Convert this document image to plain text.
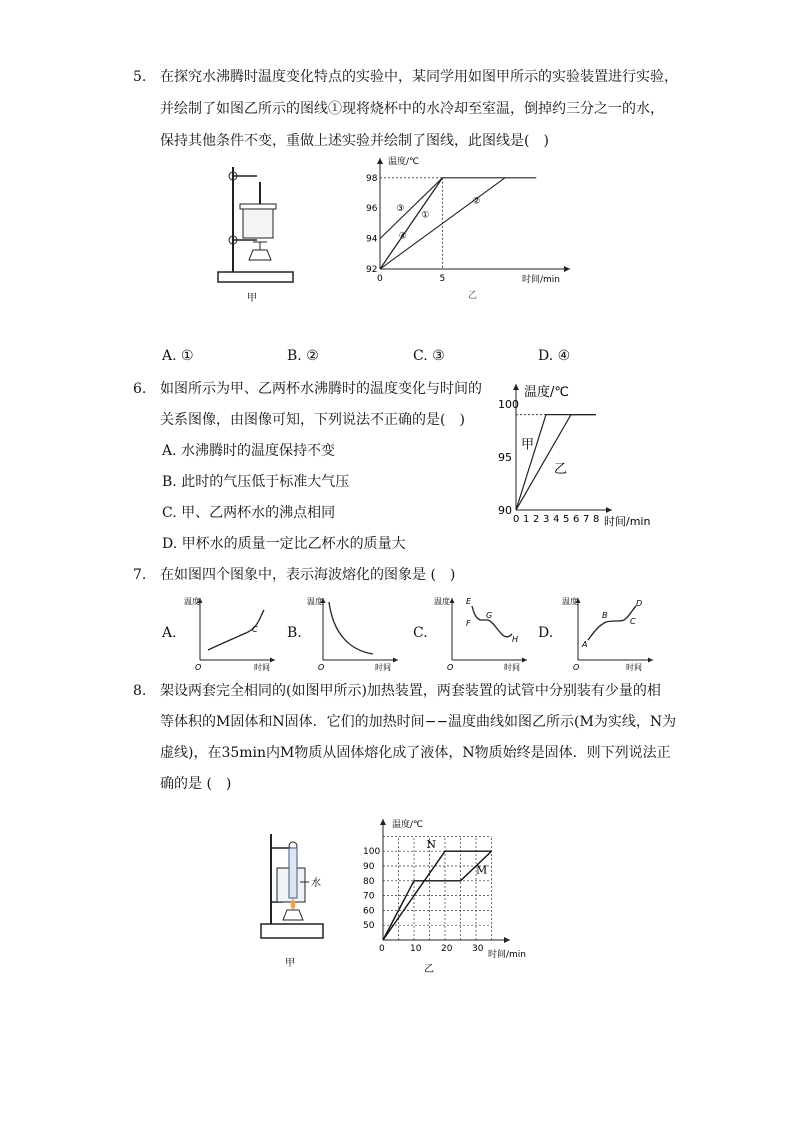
5. 在探究水沸腾时温度变化特点的实验中，某同学用如图甲所示的实验装置进行实验，
并绘制了如图乙所示的图线①现将烧杯中的水冷却至室温，倒掉约三分之一的水，
保持其他条件不变，重做上述实验并绘制了图线，此图线是(　)
甲
温度/℃
时间/min
92
94
96
98
0	5
①
②
③
④
乙
A. ①	B. ②	C. ③	D. ④
6. 如图所示为甲、乙两杯水沸腾时的温度变化与时间的
关系图像，由图像可知，下列说法不正确的是(　)
A. 水沸腾时的温度保持不变
B. 此时的气压低于标准大气压
C. 甲、乙两杯水的沸点相同
D. 甲杯水的质量一定比乙杯水的质量大
温度/℃
时间/min
90
95
100
0 1 2 3 4 5 6 7 8
甲
乙
7. 在如图四个图象中，表示海波熔化的图象是 (　)
A.	B.	C.	D.
温度
时间
O
C
温度
时间
O
温度
时间
O
E
F
G
H
温度
时间
O
A
B
C
D
8. 架设两套完全相同的(如图甲所示)加热装置，两套装置的试管中分别装有少量的相
等体积的M固体和N固体．它们的加热时间−−温度曲线如图乙所示(M为实线，N为
虚线)，在35min内M物质从固体熔化成了液体，N物质始终是固体．则下列说法正
确的是 (　)
水
甲
温度/℃
时间/min
50
60
70
80
90
100
0	10 20 30
N
M
乙
